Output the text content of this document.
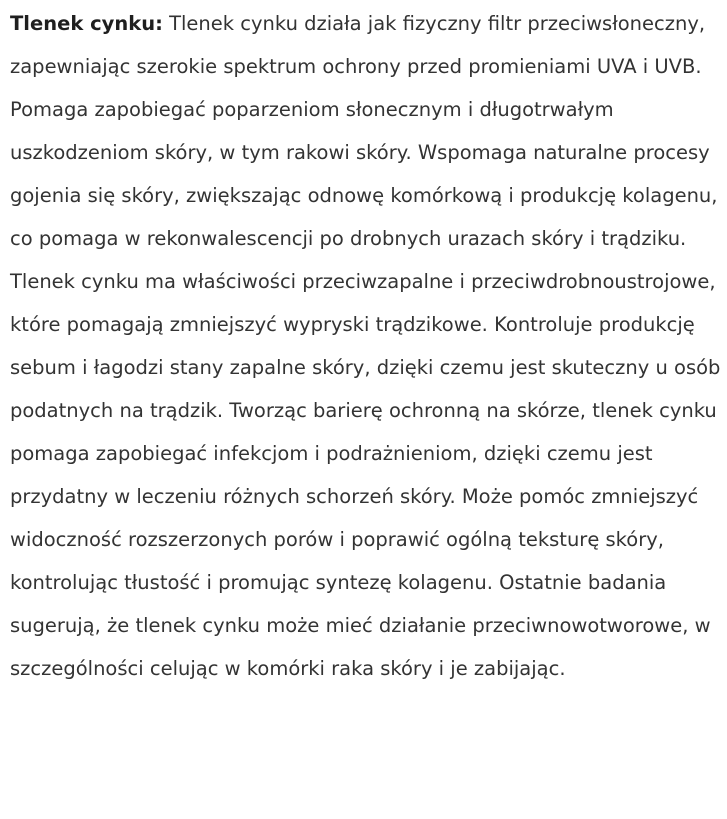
Tlenek cynku: Tlenek cynku działa jak fizyczny filtr przeciwsłoneczny, zapewniając szerokie spektrum ochrony przed promieniami UVA i UVB. Pomaga zapobiegać poparzeniom słonecznym i długotrwałym uszkodzeniom skóry, w tym rakowi skóry. Wspomaga naturalne procesy gojenia się skóry, zwiększając odnowę komórkową i produkcję kolagenu, co pomaga w rekonwalescencji po drobnych urazach skóry i trądziku. Tlenek cynku ma właściwości przeciwzapalne i przeciwdrobnoustrojowe, które pomagają zmniejszyć wypryski trądzikowe. Kontroluje produkcję sebum i łagodzi stany zapalne skóry, dzięki czemu jest skuteczny u osób podatnych na trądzik. Tworząc barierę ochronną na skórze, tlenek cynku pomaga zapobiegać infekcjom i podrażnieniom, dzięki czemu jest przydatny w leczeniu różnych schorzeń skóry. Może pomóc zmniejszyć widoczność rozszerzonych porów i poprawić ogólną teksturę skóry, kontrolując tłustość i promując syntezę kolagenu. Ostatnie badania sugerują, że tlenek cynku może mieć działanie przeciwnowotworowe, w szczególności celując w komórki raka skóry i je zabijając.
